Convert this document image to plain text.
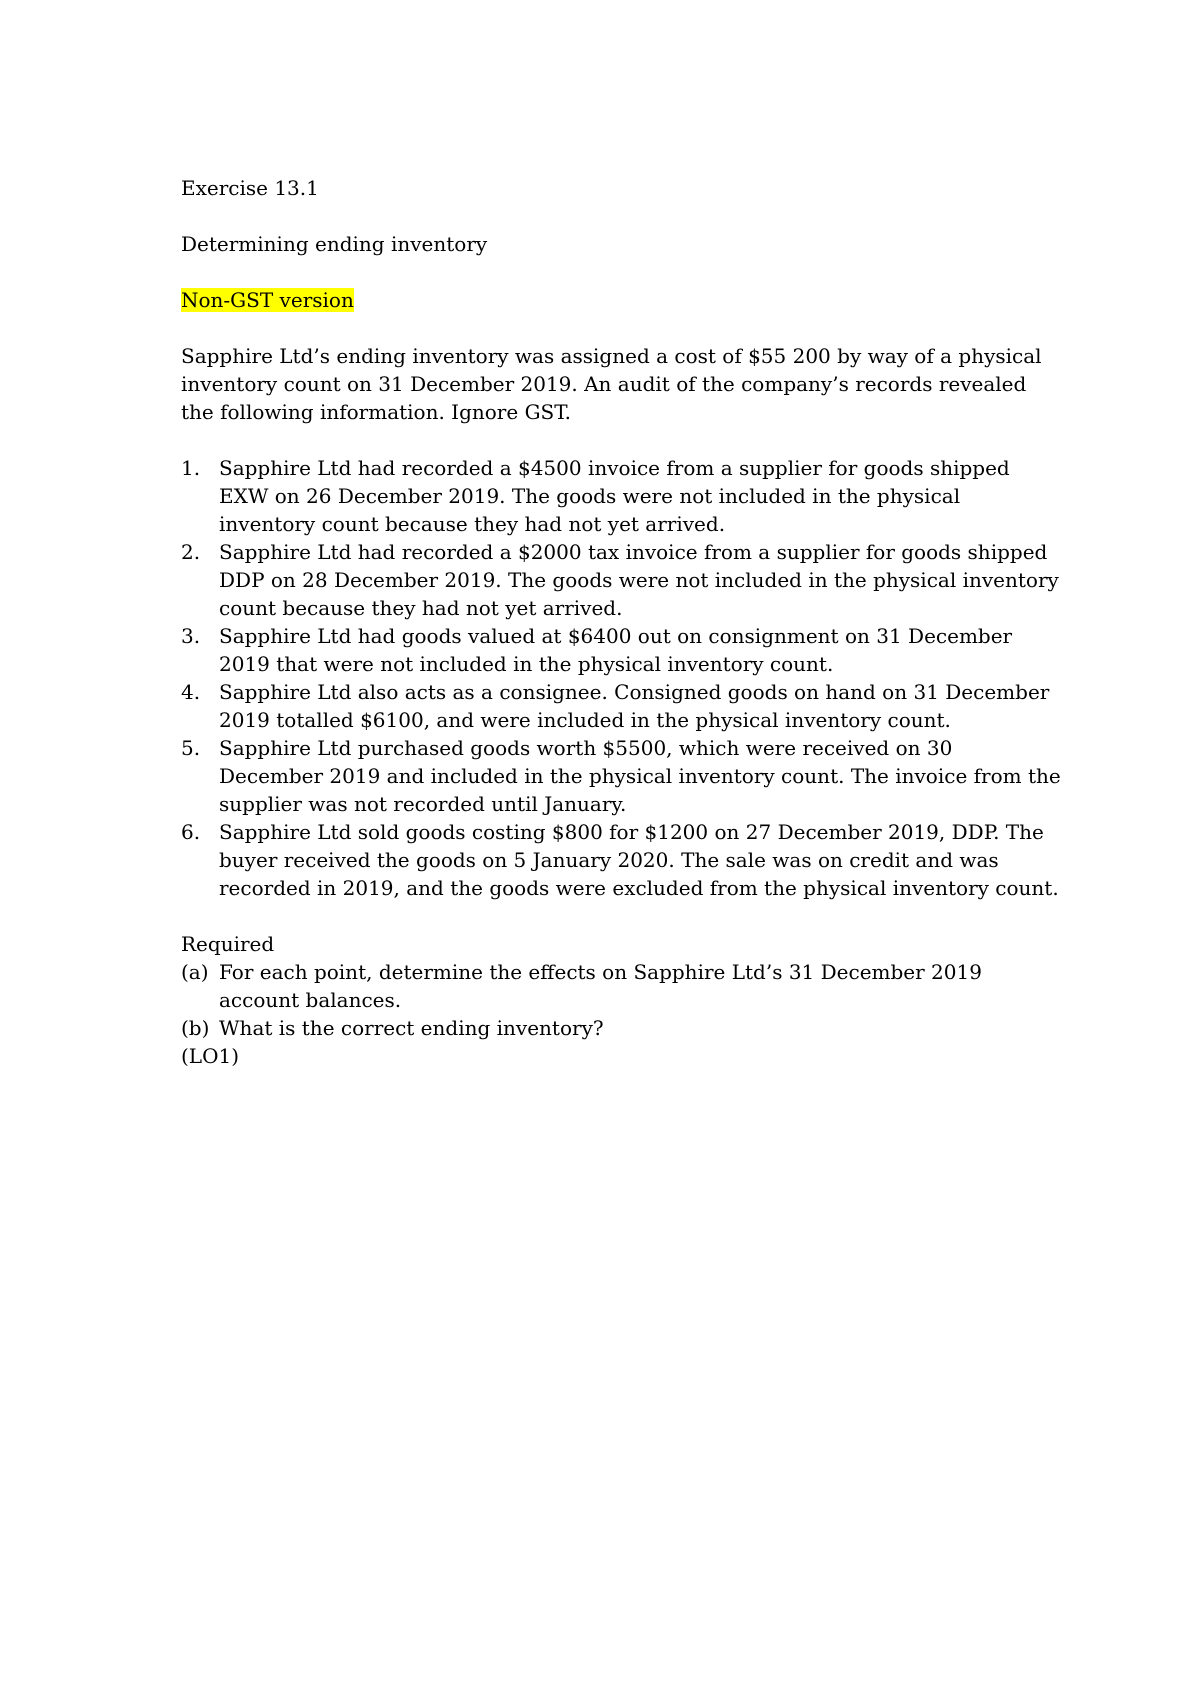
Exercise 13.1

Determining ending inventory

Non-GST version

Sapphire Ltd’s ending inventory was assigned a cost of $55 200 by way of a physical inventory count on 31 December 2019. An audit of the company’s records revealed the following information. Ignore GST.

1. Sapphire Ltd had recorded a $4500 invoice from a supplier for goods shipped EXW on 26 December 2019. The goods were not included in the physical inventory count because they had not yet arrived.
2. Sapphire Ltd had recorded a $2000 tax invoice from a supplier for goods shipped DDP on 28 December 2019. The goods were not included in the physical inventory count because they had not yet arrived.
3. Sapphire Ltd had goods valued at $6400 out on consignment on 31 December 2019 that were not included in the physical inventory count.
4. Sapphire Ltd also acts as a consignee. Consigned goods on hand on 31 December 2019 totalled $6100, and were included in the physical inventory count.
5. Sapphire Ltd purchased goods worth $5500, which were received on 30 December 2019 and included in the physical inventory count. The invoice from the supplier was not recorded until January.
6. Sapphire Ltd sold goods costing $800 for $1200 on 27 December 2019, DDP. The buyer received the goods on 5 January 2020. The sale was on credit and was recorded in 2019, and the goods were excluded from the physical inventory count.

Required

(a) For each point, determine the effects on Sapphire Ltd’s 31 December 2019 account balances.
(b) What is the correct ending inventory?

(LO1)
